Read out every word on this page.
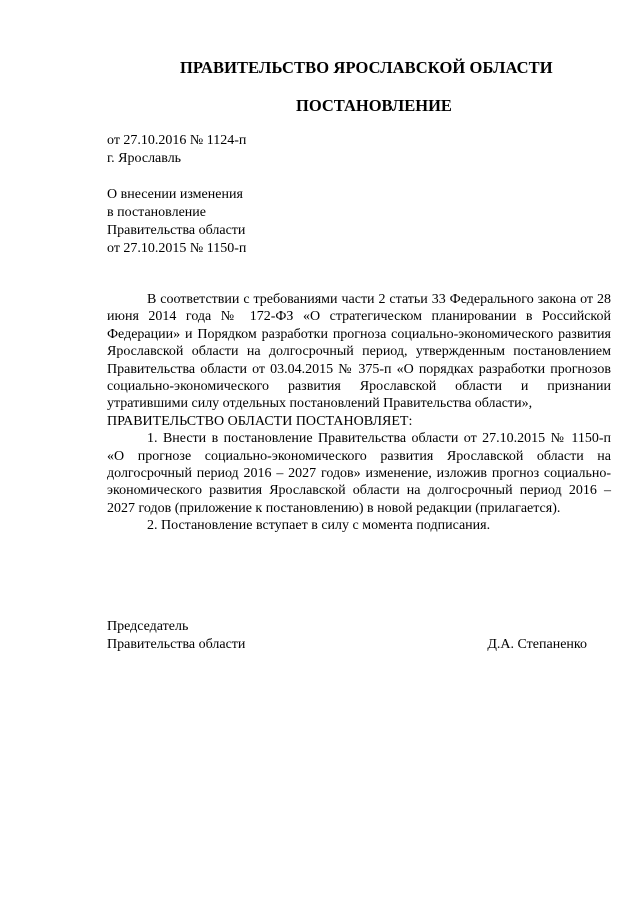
ПРАВИТЕЛЬСТВО ЯРОСЛАВСКОЙ ОБЛАСТИ
ПОСТАНОВЛЕНИЕ
от 27.10.2016 № 1124-п
г. Ярославль
О внесении изменения
в постановление
Правительства области
от 27.10.2015 № 1150-п

В соответствии с требованиями части 2 статьи 33 Федерального закона от 28 июня 2014 года № 172-ФЗ «О стратегическом планировании в Российской Федерации» и Порядком разработки прогноза социально-экономического развития Ярославской области на долгосрочный период, утвержденным постановлением Правительства области от 03.04.2015 № 375-п «О порядках разработки прогнозов социально-экономического развития Ярославской области и признании утратившими силу отдельных постановлений Правительства области»,

ПРАВИТЕЛЬСТВО ОБЛАСТИ ПОСТАНОВЛЯЕТ:

1. Внести в постановление Правительства области от 27.10.2015 № 1150-п «О прогнозе социально-экономического развития Ярославской области на долгосрочный период 2016 – 2027 годов» изменение, изложив прогноз социально-экономического развития Ярославской области на долгосрочный период 2016 – 2027 годов (приложение к постановлению) в новой редакции (прилагается).

2. Постановление вступает в силу с момента подписания.

Председатель
Правительства области	Д.А. Степаненко
